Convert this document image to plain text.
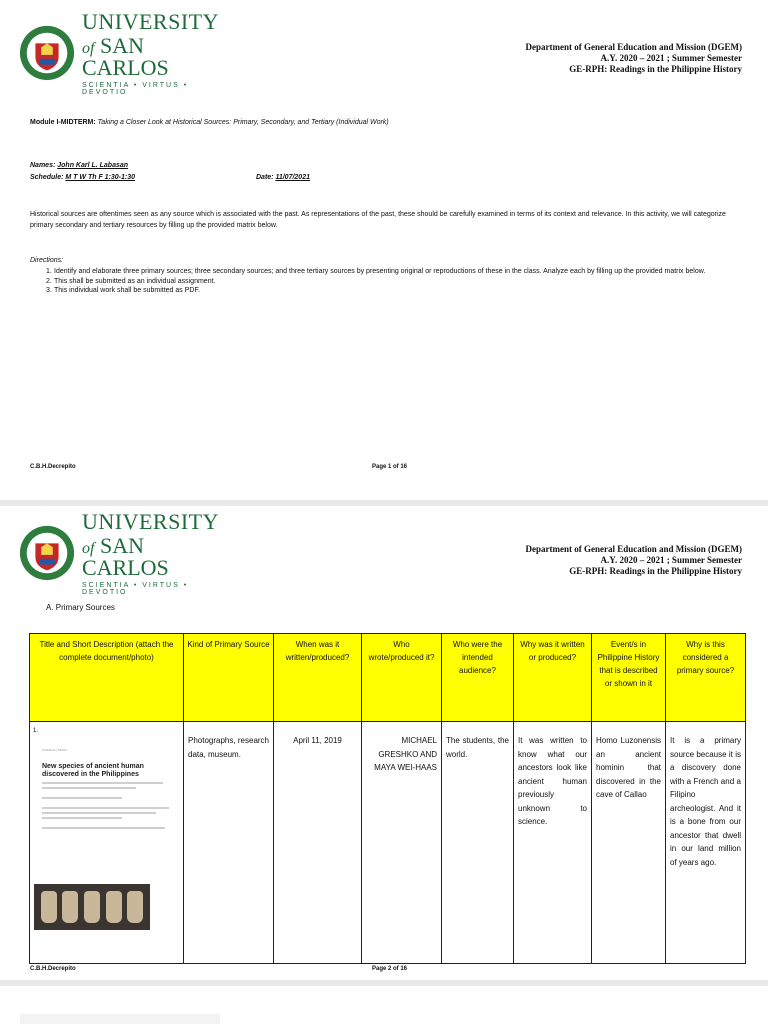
UNIVERSITY
of SAN CARLOS
SCIENTIA • VIRTUS • DEVOTIO
Department of General Education and Mission (DGEM)
A.Y. 2020 – 2021 ; Summer Semester
GE-RPH: Readings in the Philippine History
Module I-MIDTERM: Taking a Closer Look at Historical Sources: Primary, Secondary, and Tertiary (Individual Work)
Names: John Karl L. Labasan
Schedule: M T W Th F 1:30-1:30	Date: 11/07/2021
Historical sources are oftentimes seen as any source which is associated with the past. As representations of the past, these should be carefully examined in terms of its context and relevance. In this activity, we will categorize primary secondary and tertiary resources by filling up the provided matrix below.
Directions:
1. Identify and elaborate three primary sources; three secondary sources; and three tertiary sources by presenting original or reproductions of these in the class. Analyze each by filling up the provided matrix below.
2. This shall be submitted as an individual assignment.
3. This individual work shall be submitted as PDF.
C.B.H.Decrepito	Page 1 of 16
UNIVERSITY
of SAN CARLOS
SCIENTIA • VIRTUS • DEVOTIO
Department of General Education and Mission (DGEM)
A.Y. 2020 – 2021 ; Summer Semester
GE-RPH: Readings in the Philippine History
A. Primary Sources
Title and Short Description (attach the complete document/photo)	Kind of Primary Source	When was it written/produced?	Who wrote/produced it?	Who were the intended audience?	Why was it written or produced?	Event/s in Philippine History that is described or shown in it	Why is this considered a primary source?

1.
SCIENCE | NEWS
New species of ancient human discovered in the Philippines	Photographs, research data, museum.	April 11, 2019	MICHAEL GRESHKO AND MAYA WEI-HAAS	The students, the world.	It was written to know what our ancestors look like ancient human previously unknown to science.	Homo Luzonensis an ancient hominin that discovered in the cave of Callao	It is a primary source because it is a discovery done with a French and a Filipino archeologist. And it is a bone from our ancestor that dwell in our land million of years ago.
C.B.H.Decrepito	Page 2 of 16
